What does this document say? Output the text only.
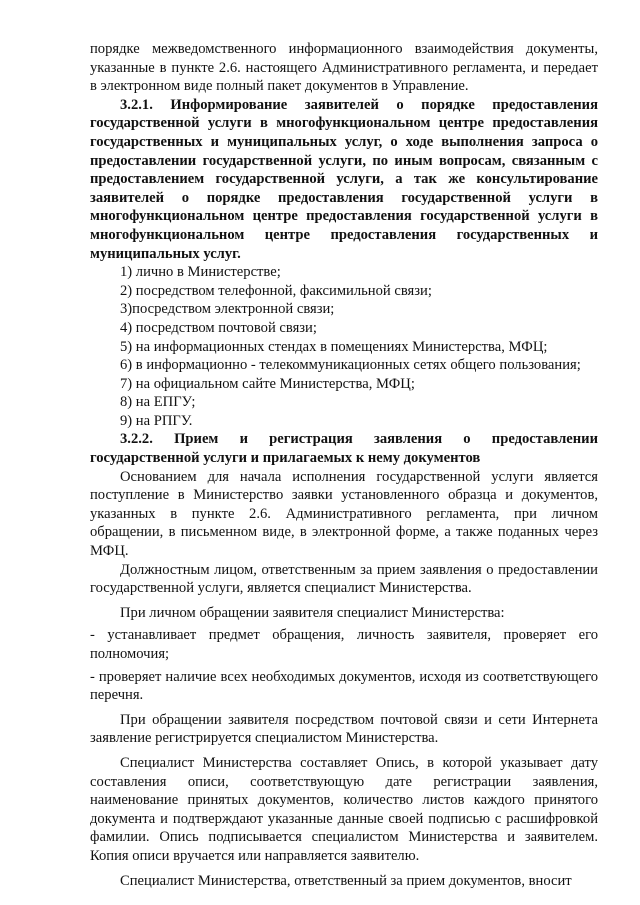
порядке межведомственного информационного взаимодействия документы, указанные в пункте 2.6. настоящего Административного регламента, и передает в электронном виде полный пакет документов в Управление.

3.2.1. Информирование заявителей о порядке предоставления государственной услуги в многофункциональном центре предоставления государственных и муниципальных услуг, о ходе выполнения запроса о предоставлении государственной услуги, по иным вопросам, связанным с предоставлением государственной услуги, а так же консультирование заявителей о порядке предоставления государственной услуги в многофункциональном центре предоставления государственной услуги в многофункциональном центре предоставления государственных и муниципальных услуг.

1) лично в Министерстве;

2) посредством телефонной, факсимильной связи;

3)посредством электронной связи;

4) посредством почтовой связи;

5) на информационных стендах в помещениях Министерства, МФЦ;

6) в информационно - телекоммуникационных сетях общего пользования;

7) на официальном сайте Министерства, МФЦ;

8) на ЕПГУ;

9) на РПГУ.

3.2.2. Прием и регистрация заявления о предоставлении государственной услуги и прилагаемых к нему документов

Основанием для начала исполнения государственной услуги является поступление в Министерство заявки установленного образца и документов, указанных в пункте 2.6. Административного регламента, при личном обращении, в письменном виде, в электронной форме, а также поданных через МФЦ.

Должностным лицом, ответственным за прием заявления о предоставлении государственной услуги, является специалист Министерства.

При личном обращении заявителя специалист Министерства:

- устанавливает предмет обращения, личность заявителя, проверяет его полномочия;

- проверяет наличие всех необходимых документов, исходя из соответствующего перечня.

При обращении заявителя посредством почтовой связи и сети Интернета заявление регистрируется специалистом Министерства.

Специалист Министерства составляет Опись, в которой указывает дату составления описи, соответствующую дате регистрации заявления, наименование принятых документов, количество листов каждого принятого документа и подтверждают указанные данные своей подписью с расшифровкой фамилии. Опись подписывается специалистом Министерства и заявителем. Копия описи вручается или направляется заявителю.

Специалист Министерства, ответственный за прием документов, вносит
